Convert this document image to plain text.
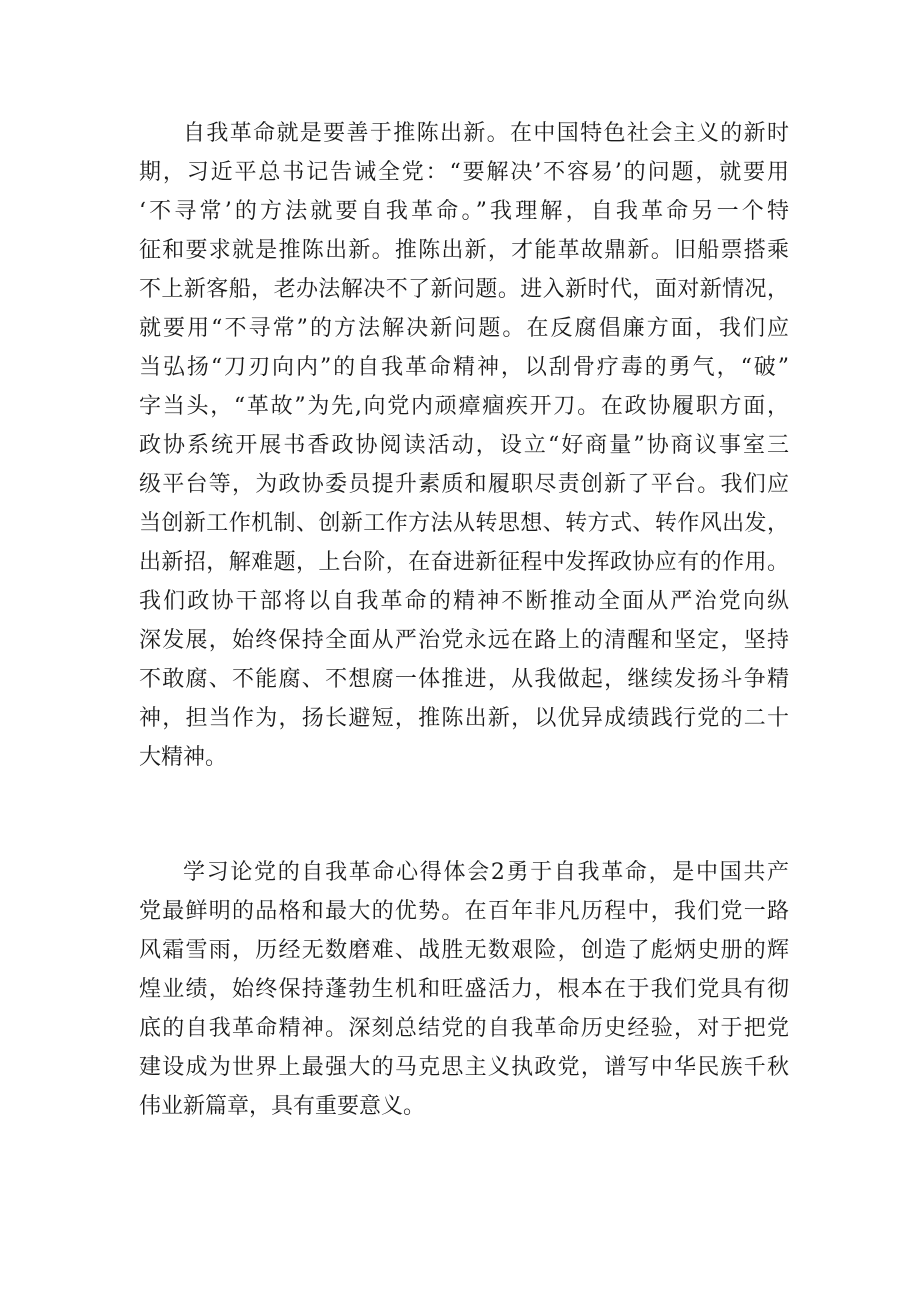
自我革命就是要善于推陈出新。在中国特色社会主义的新时
期，习近平总书记告诫全党：“要解决’不容易’的问题，就要用
‘不寻常’的方法就要自我革命。”我理解，自我革命另一个特
征和要求就是推陈出新。推陈出新，才能革故鼎新。旧船票搭乘
不上新客船，老办法解决不了新问题。进入新时代，面对新情况，
就要用“不寻常”的方法解决新问题。在反腐倡廉方面，我们应
当弘扬“刀刃向内”的自我革命精神，以刮骨疗毒的勇气，“破”
字当头，“革故”为先,向党内顽瘴痼疾开刀。在政协履职方面，
政协系统开展书香政协阅读活动，设立“好商量”协商议事室三
级平台等，为政协委员提升素质和履职尽责创新了平台。我们应
当创新工作机制、创新工作方法从转思想、转方式、转作风出发，
出新招，解难题，上台阶，在奋进新征程中发挥政协应有的作用。
我们政协干部将以自我革命的精神不断推动全面从严治党向纵
深发展，始终保持全面从严治党永远在路上的清醒和坚定，坚持
不敢腐、不能腐、不想腐一体推进，从我做起，继续发扬斗争精
神，担当作为，扬长避短，推陈出新，以优异成绩践行党的二十
大精神。
学习论党的自我革命心得体会2勇于自我革命，是中国共产
党最鲜明的品格和最大的优势。在百年非凡历程中，我们党一路
风霜雪雨，历经无数磨难、战胜无数艰险，创造了彪炳史册的辉
煌业绩，始终保持蓬勃生机和旺盛活力，根本在于我们党具有彻
底的自我革命精神。深刻总结党的自我革命历史经验，对于把党
建设成为世界上最强大的马克思主义执政党，谱写中华民族千秋
伟业新篇章，具有重要意义。
